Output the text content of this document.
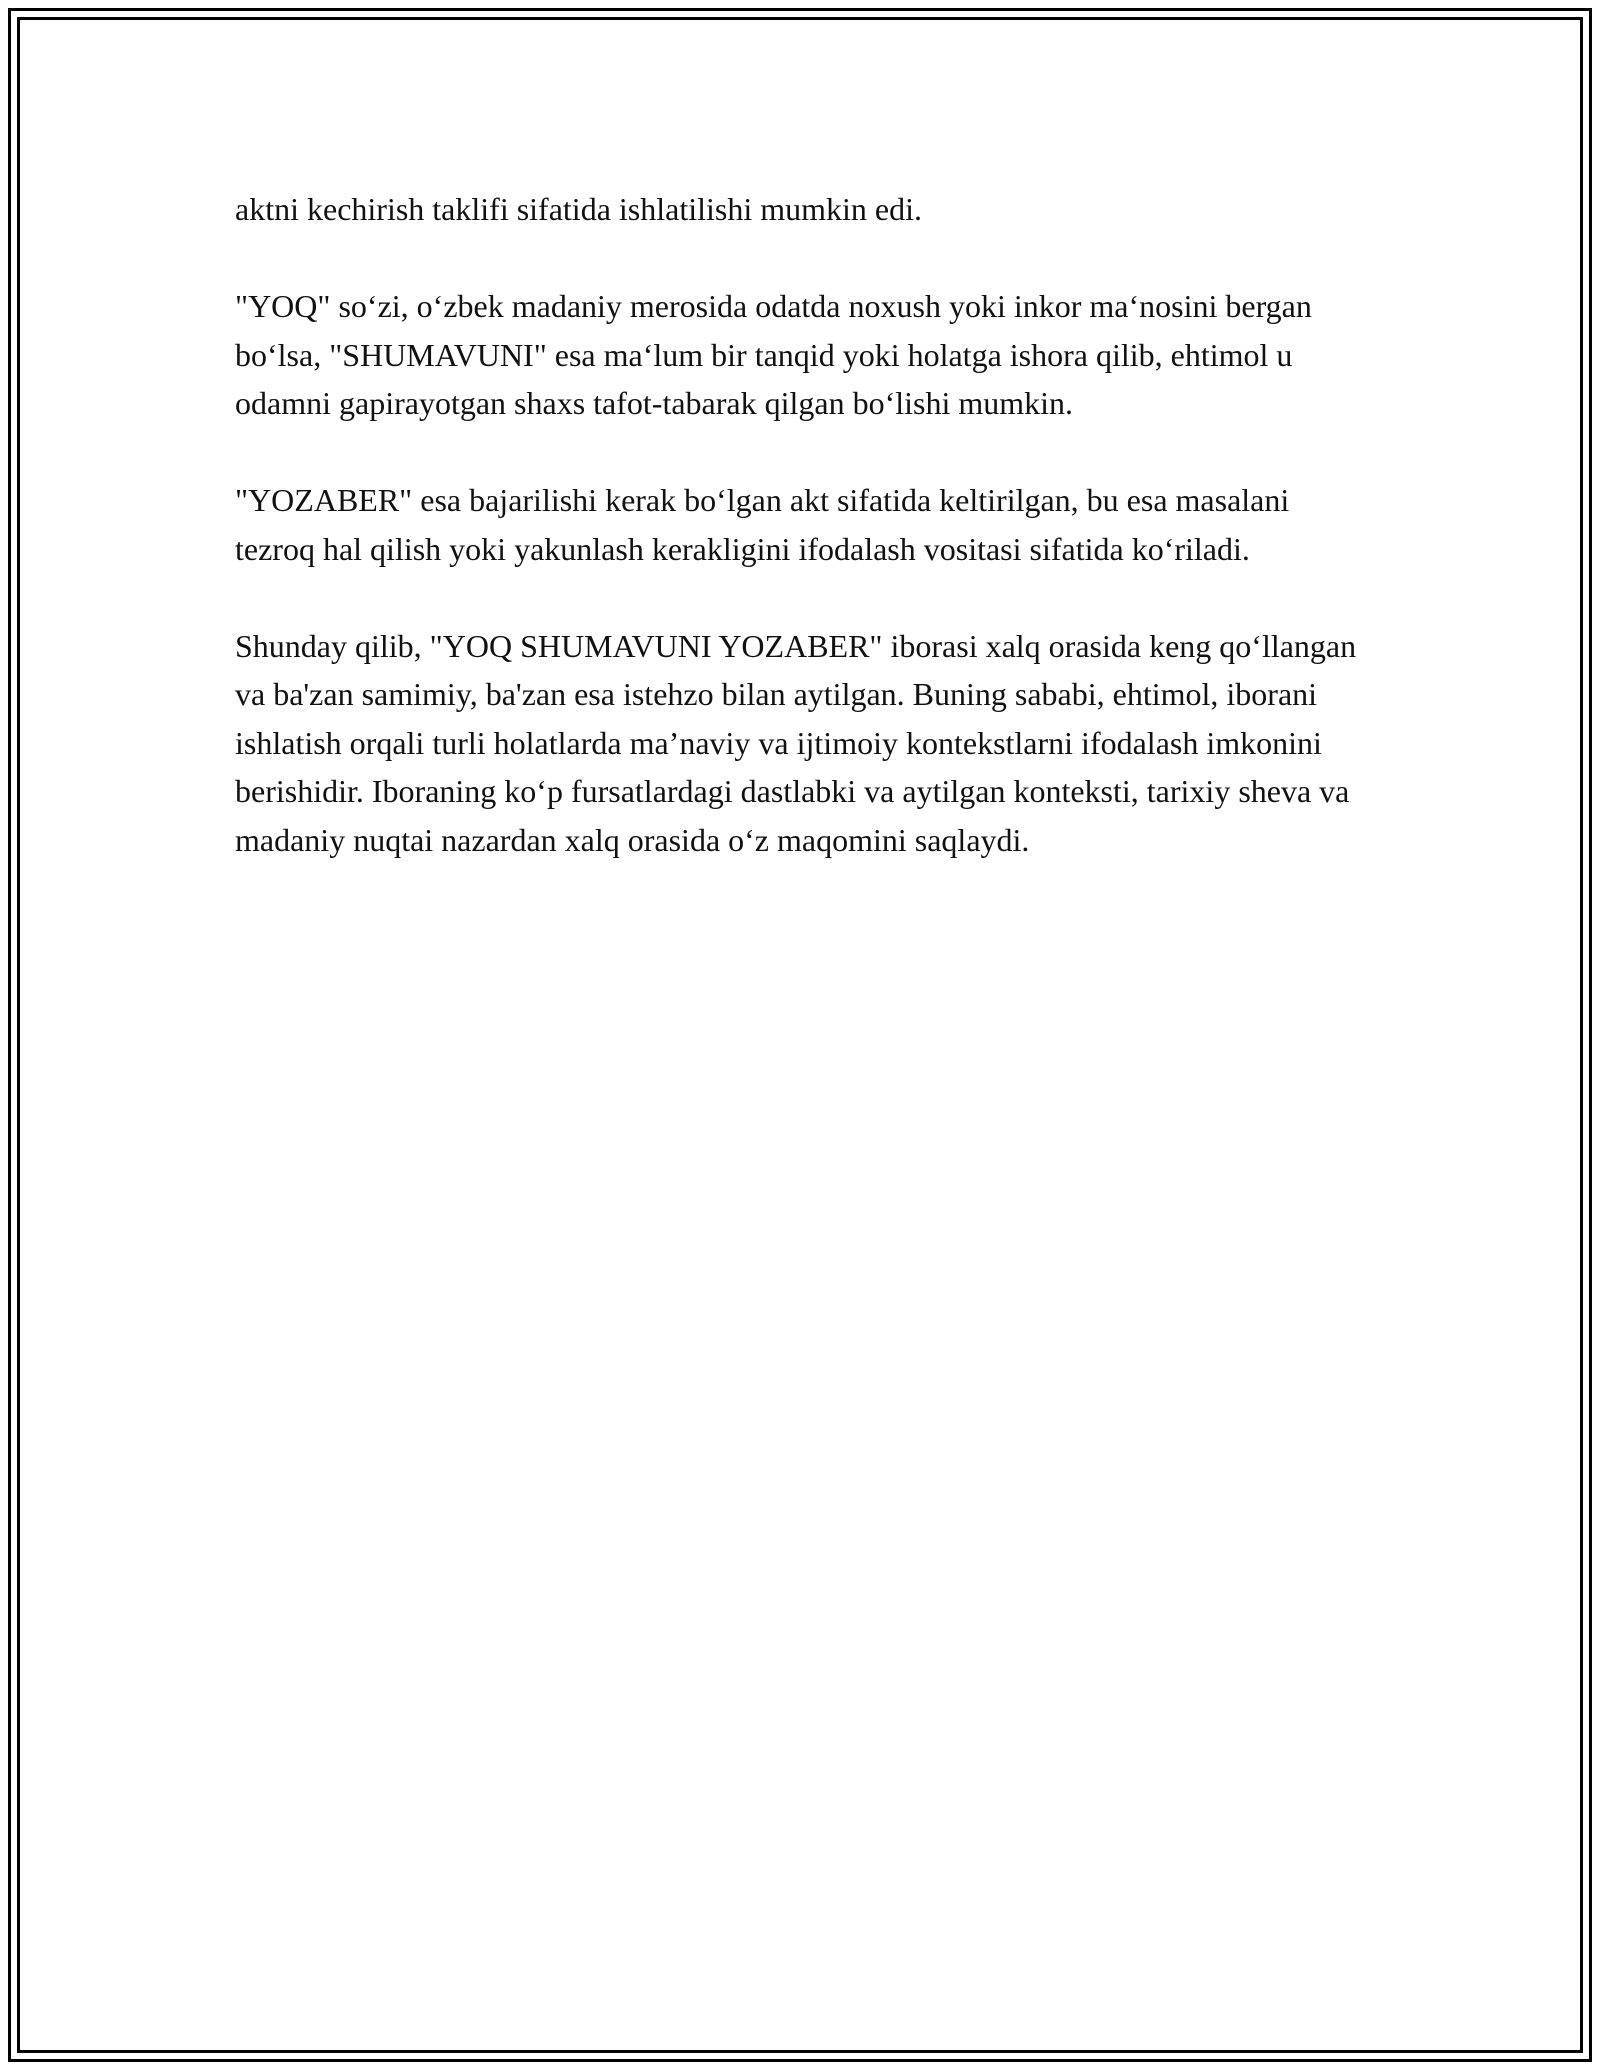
aktni kechirish taklifi sifatida ishlatilishi mumkin edi.

"YOQ" so‘zi, o‘zbek madaniy merosida odatda noxush yoki inkor ma‘nosini bergan bo‘lsa, "SHUMAVUNI" esa ma‘lum bir tanqid yoki holatga ishora qilib, ehtimol u odamni gapirayotgan shaxs tafot-tabarak qilgan bo‘lishi mumkin.

"YOZABER" esa bajarilishi kerak bo‘lgan akt sifatida keltirilgan, bu esa masalani tezroq hal qilish yoki yakunlash kerakligini ifodalash vositasi sifatida ko‘riladi.

Shunday qilib, "YOQ SHUMAVUNI YOZABER" iborasi xalq orasida keng qo‘llangan va ba'zan samimiy, ba'zan esa istehzo bilan aytilgan. Buning sababi, ehtimol, iborani ishlatish orqali turli holatlarda ma’naviy va ijtimoiy kontekstlarni ifodalash imkonini berishidir. Iboraning ko‘p fursatlardagi dastlabki va aytilgan konteksti, tarixiy sheva va madaniy nuqtai nazardan xalq orasida o‘z maqomini saqlaydi.
